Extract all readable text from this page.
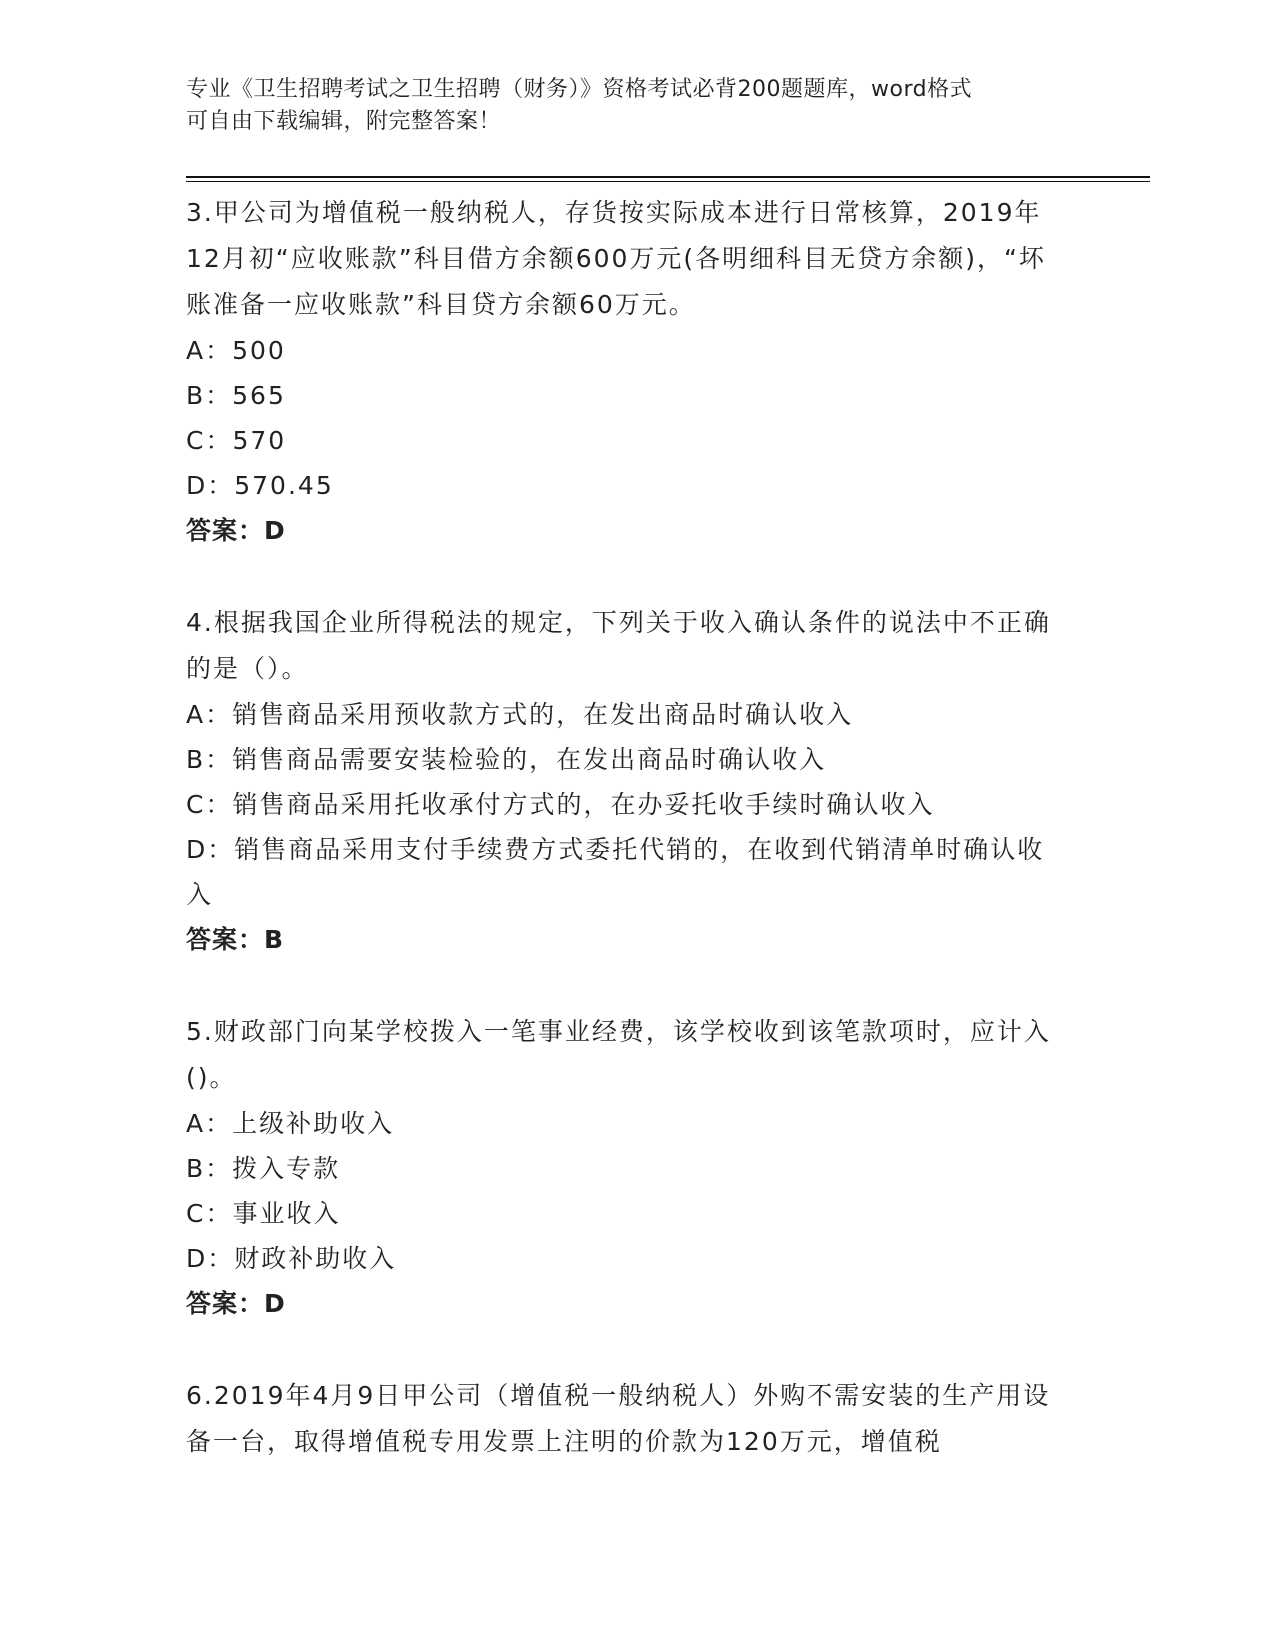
专业《卫生招聘考试之卫生招聘（财务）》资格考试必背200题题库，word格式
可自由下载编辑，附完整答案！

3.甲公司为增值税一般纳税人，存货按实际成本进行日常核算，2019年12月初“应收账款”科目借方余额600万元(各明细科目无贷方余额)，“坏账准备一应收账款”科目贷方余额60万元。

A：500

B：565

C：570

D：570.45

答案：D

4.根据我国企业所得税法的规定，下列关于收入确认条件的说法中不正确的是（）。

A：销售商品采用预收款方式的，在发出商品时确认收入

B：销售商品需要安装检验的，在发出商品时确认收入

C：销售商品采用托收承付方式的，在办妥托收手续时确认收入

D：销售商品采用支付手续费方式委托代销的，在收到代销清单时确认收入

答案：B

5.财政部门向某学校拨入一笔事业经费，该学校收到该笔款项时，应计入()。

A：上级补助收入

B：拨入专款

C：事业收入

D：财政补助收入

答案：D

6.2019年4月9日甲公司（增值税一般纳税人）外购不需安装的生产用设备一台，取得增值税专用发票上注明的价款为120万元，增值税
